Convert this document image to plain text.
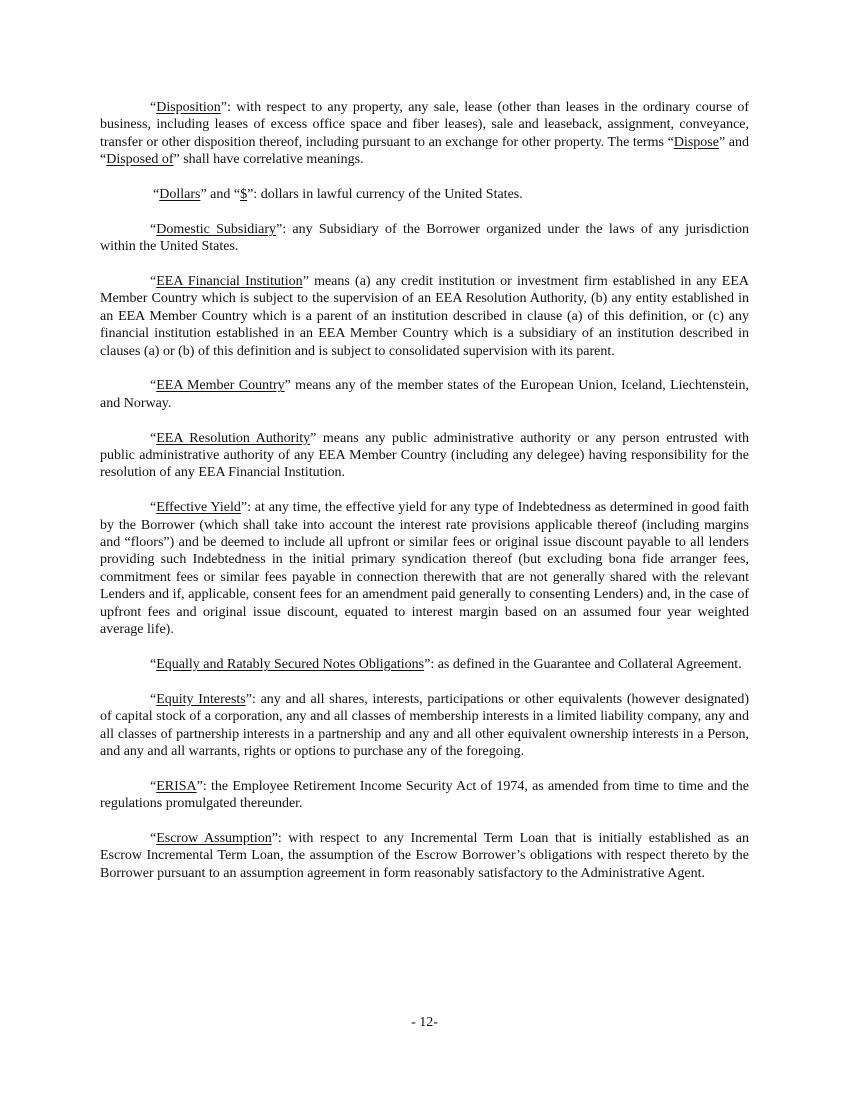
“Disposition”: with respect to any property, any sale, lease (other than leases in the ordinary course of business, including leases of excess office space and fiber leases), sale and leaseback, assignment, conveyance, transfer or other disposition thereof, including pursuant to an exchange for other property. The terms “Dispose” and “Disposed of” shall have correlative meanings.

“Dollars” and “$”: dollars in lawful currency of the United States.

“Domestic Subsidiary”: any Subsidiary of the Borrower organized under the laws of any jurisdiction within the United States.

“EEA Financial Institution” means (a) any credit institution or investment firm established in any EEA Member Country which is subject to the supervision of an EEA Resolution Authority, (b) any entity established in an EEA Member Country which is a parent of an institution described in clause (a) of this definition, or (c) any financial institution established in an EEA Member Country which is a subsidiary of an institution described in clauses (a) or (b) of this definition and is subject to consolidated supervision with its parent.

“EEA Member Country” means any of the member states of the European Union, Iceland, Liechtenstein, and Norway.

“EEA Resolution Authority” means any public administrative authority or any person entrusted with public administrative authority of any EEA Member Country (including any delegee) having responsibility for the resolution of any EEA Financial Institution.

“Effective Yield”: at any time, the effective yield for any type of Indebtedness as determined in good faith by the Borrower (which shall take into account the interest rate provisions applicable thereof (including margins and “floors”) and be deemed to include all upfront or similar fees or original issue discount payable to all lenders providing such Indebtedness in the initial primary syndication thereof (but excluding bona fide arranger fees, commitment fees or similar fees payable in connection therewith that are not generally shared with the relevant Lenders and if, applicable, consent fees for an amendment paid generally to consenting Lenders) and, in the case of upfront fees and original issue discount, equated to interest margin based on an assumed four year weighted average life).

“Equally and Ratably Secured Notes Obligations”: as defined in the Guarantee and Collateral Agreement.

“Equity Interests”: any and all shares, interests, participations or other equivalents (however designated) of capital stock of a corporation, any and all classes of membership interests in a limited liability company, any and all classes of partnership interests in a partnership and any and all other equivalent ownership interests in a Person, and any and all warrants, rights or options to purchase any of the foregoing.

“ERISA”: the Employee Retirement Income Security Act of 1974, as amended from time to time and the regulations promulgated thereunder.

“Escrow Assumption”: with respect to any Incremental Term Loan that is initially established as an Escrow Incremental Term Loan, the assumption of the Escrow Borrower’s obligations with respect thereto by the Borrower pursuant to an assumption agreement in form reasonably satisfactory to the Administrative Agent.

- 12-
